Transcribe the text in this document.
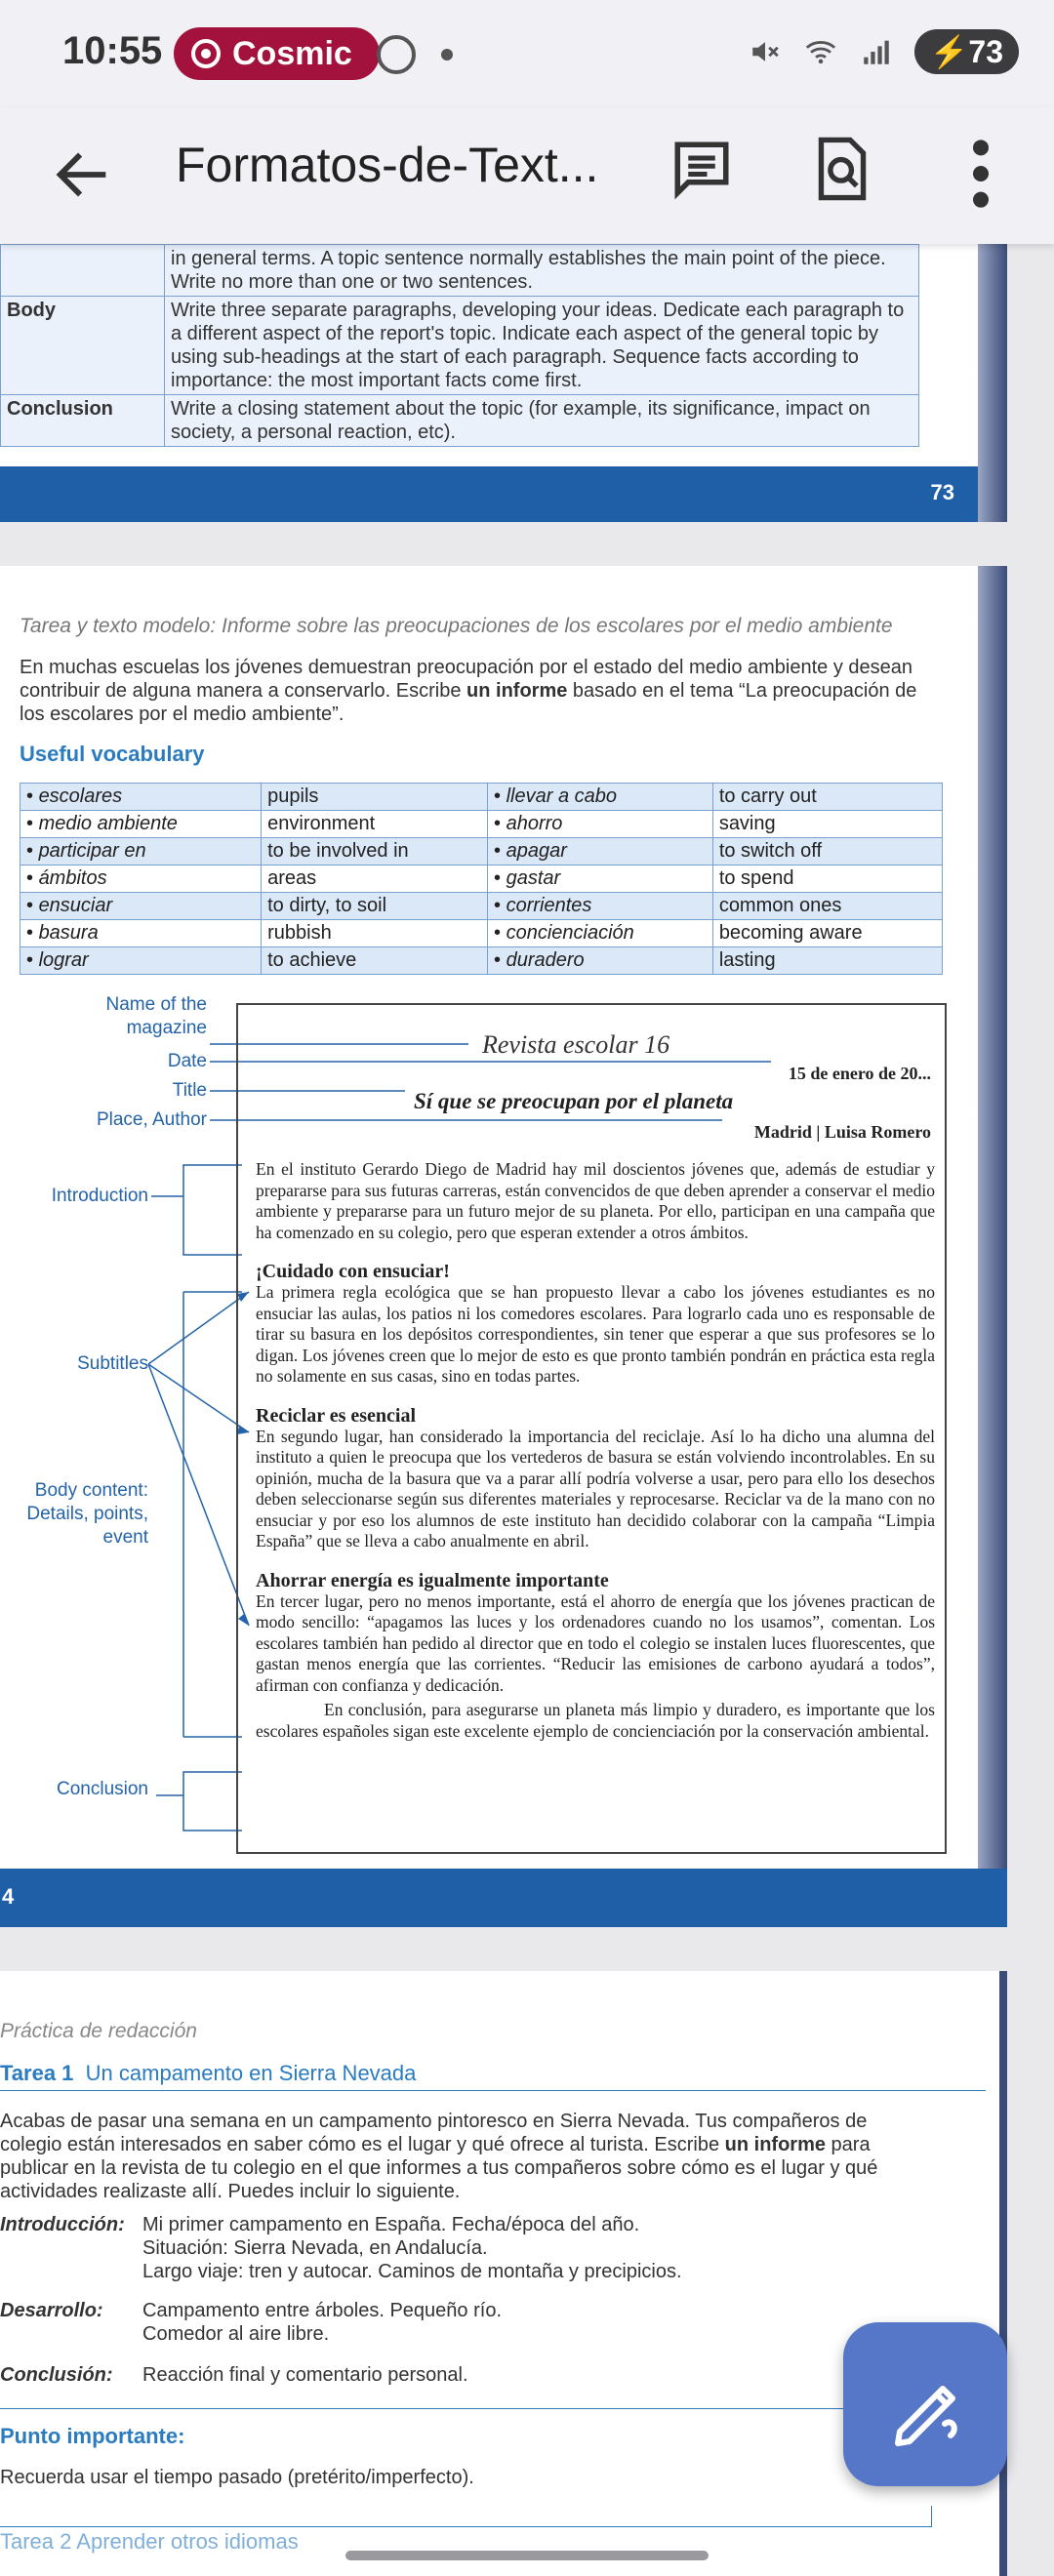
10:55 Cosmic	⚡73
Formatos-de-Text...
	in general terms. A topic sentence normally establishes the main point of the piece. Write no more than one or two sentences.
Body	Write three separate paragraphs, developing your ideas. Dedicate each paragraph to a different aspect of the report's topic. Indicate each aspect of the general topic by using sub-headings at the start of each paragraph. Sequence facts according to importance: the most important facts come first.
Conclusion	Write a closing statement about the topic (for example, its significance, impact on society, a personal reaction, etc).
73
Tarea y texto modelo: Informe sobre las preocupaciones de los escolares por el medio ambiente
En muchas escuelas los jóvenes demuestran preocupación por el estado del medio ambiente y desean contribuir de alguna manera a conservarlo. Escribe un informe basado en el tema “La preocupación de los escolares por el medio ambiente”.
Useful vocabulary
• escolares	pupils	• llevar a cabo	to carry out
• medio ambiente	environment	• ahorro	saving
• participar en	to be involved in	• apagar	to switch off
• ámbitos	areas	• gastar	to spend
• ensuciar	to dirty, to soil	• corrientes	common ones
• basura	rubbish	• concienciación	becoming aware
• lograr	to achieve	• duradero	lasting
Name of the magazine
Date
Title
Place, Author
Introduction
Subtitles
Body content: Details, points, event
Conclusion
Revista escolar 16
15 de enero de 20...
Sí que se preocupan por el planeta
Madrid | Luisa Romero

En el instituto Gerardo Diego de Madrid hay mil doscientos jóvenes que, además de estudiar y prepararse para sus futuras carreras, están convencidos de que deben aprender a conservar el medio ambiente y prepararse para un futuro mejor de su planeta. Por ello, participan en una campaña que ha comenzado en su colegio, pero que esperan extender a otros ámbitos.

¡Cuidado con ensuciar!

La primera regla ecológica que se han propuesto llevar a cabo los jóvenes estudiantes es no ensuciar las aulas, los patios ni los comedores escolares. Para lograrlo cada uno es responsable de tirar su basura en los depósitos correspondientes, sin tener que esperar a que sus profesores se lo digan. Los jóvenes creen que lo mejor de esto es que pronto también pondrán en práctica esta regla no solamente en sus casas, sino en todas partes.

Reciclar es esencial

En segundo lugar, han considerado la importancia del reciclaje. Así lo ha dicho una alumna del instituto a quien le preocupa que los vertederos de basura se están volviendo incontrolables. En su opinión, mucha de la basura que va a parar allí podría volverse a usar, pero para ello los desechos deben seleccionarse según sus diferentes materiales y reprocesarse. Reciclar va de la mano con no ensuciar y por eso los alumnos de este instituto han decidido colaborar con la campaña “Limpia España” que se lleva a cabo anualmente en abril.

Ahorrar energía es igualmente importante

En tercer lugar, pero no menos importante, está el ahorro de energía que los jóvenes practican de modo sencillo: “apagamos las luces y los ordenadores cuando no los usamos”, comentan. Los escolares también han pedido al director que en todo el colegio se instalen luces fluorescentes, que gastan menos energía que las corrientes. “Reducir las emisiones de carbono ayudará a todos”, afirman con confianza y dedicación.

En conclusión, para asegurarse un planeta más limpio y duradero, es importante que los escolares españoles sigan este excelente ejemplo de concienciación por la conservación ambiental.

4
Práctica de redacción
Tarea 1 Un campamento en Sierra Nevada
Acabas de pasar una semana en un campamento pintoresco en Sierra Nevada. Tus compañeros de colegio están interesados en saber cómo es el lugar y qué ofrece al turista. Escribe un informe para publicar en la revista de tu colegio en el que informes a tus compañeros sobre cómo es el lugar y qué actividades realizaste allí. Puedes incluir lo siguiente.
Introducción: Mi primer campamento en España. Fecha/época del año.
Situación: Sierra Nevada, en Andalucía.
Largo viaje: tren y autocar. Caminos de montaña y precipicios.
Desarrollo:	Campamento entre árboles. Pequeño río.
Comedor al aire libre.
Conclusión:	Reacción final y comentario personal.
Punto importante:
Recuerda usar el tiempo pasado (pretérito/imperfecto).
Tarea 2 Aprender otros idiomas
